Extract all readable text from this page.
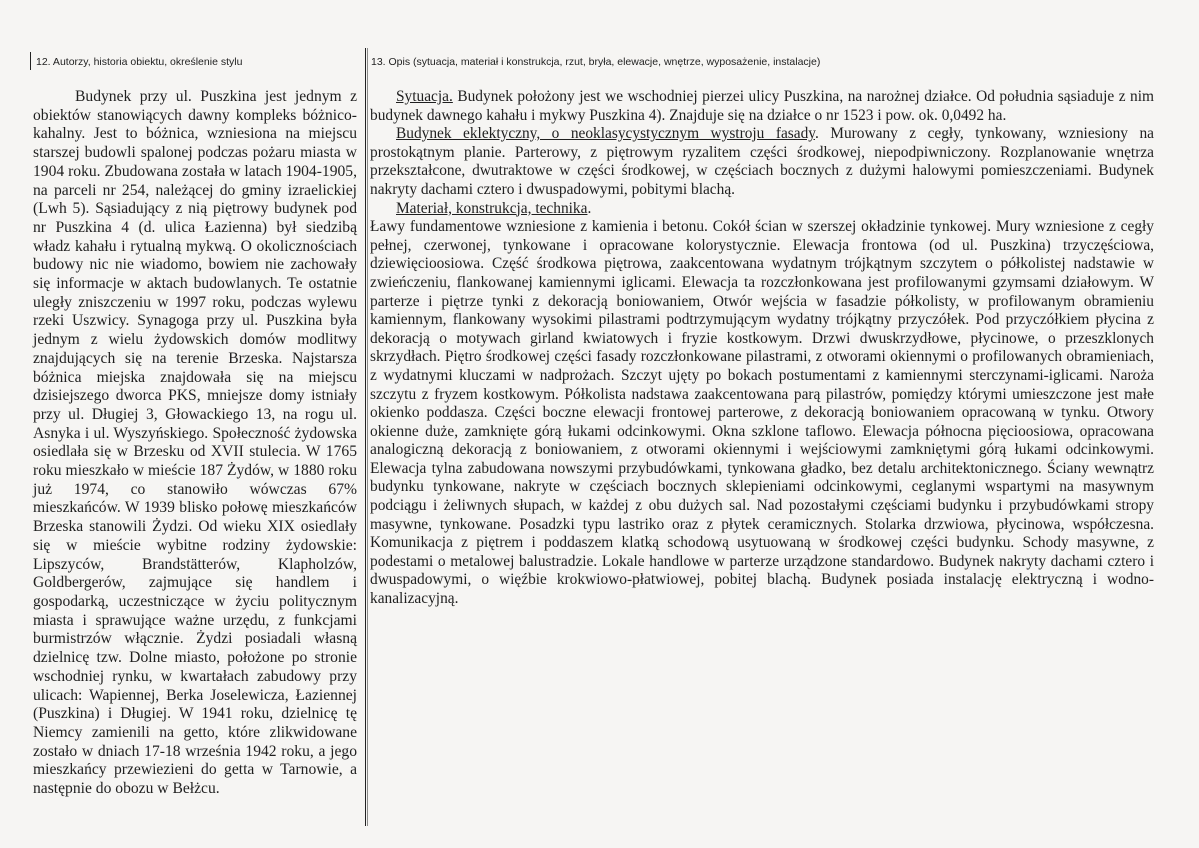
12. Autorzy, historia obiektu, określenie stylu	13. Opis (sytuacja, materiał i konstrukcja, rzut, bryła, elewacje, wnętrze, wyposażenie, instalacje)

Budynek przy ul. Puszkina jest jednym z obiektów stanowiących dawny kompleks bóżnico-kahalny. Jest to bóżnica, wzniesiona na miejscu starszej budowli spalonej podczas pożaru miasta w 1904 roku. Zbudowana została w latach 1904-1905, na parceli nr 254, należącej do gminy izraelickiej (Lwh 5). Sąsiadujący z nią piętrowy budynek pod nr Puszkina 4 (d. ulica Łazienna) był siedzibą władz kahału i rytualną mykwą. O okolicznościach budowy nic nie wiadomo, bowiem nie zachowały się informacje w aktach budowlanych. Te ostatnie uległy zniszczeniu w 1997 roku, podczas wylewu rzeki Uszwicy. Synagoga przy ul. Puszkina była jednym z wielu żydowskich domów modlitwy znajdujących się na terenie Brzeska. Najstarsza bóżnica miejska znajdowała się na miejscu dzisiejszego dworca PKS, mniejsze domy istniały przy ul. Długiej 3, Głowackiego 13, na rogu ul. Asnyka i ul. Wyszyńskiego. Społeczność żydowska osiedlała się w Brzesku od XVII stulecia. W 1765 roku mieszkało w mieście 187 Żydów, w 1880 roku już 1974, co stanowiło wówczas 67% mieszkańców. W 1939 blisko połowę mieszkańców Brzeska stanowili Żydzi. Od wieku XIX osiedlały się w mieście wybitne rodziny żydowskie: Lipszyców, Brandstätterów, Klapholzów, Goldbergerów, zajmujące się handlem i gospodarką, uczestniczące w życiu politycznym miasta i sprawujące ważne urzędu, z funkcjami burmistrzów włącznie. Żydzi posiadali własną dzielnicę tzw. Dolne miasto, położone po stronie wschodniej rynku, w kwartałach zabudowy przy ulicach: Wapiennej, Berka Joselewicza, Łaziennej (Puszkina) i Długiej. W 1941 roku, dzielnicę tę Niemcy zamienili na getto, które zlikwidowane zostało w dniach 17-18 września 1942 roku, a jego mieszkańcy przewiezieni do getta w Tarnowie, a następnie do obozu w Bełżcu.

Sytuacja. Budynek położony jest we wschodniej pierzei ulicy Puszkina, na narożnej działce. Od południa sąsiaduje z nim budynek dawnego kahału i mykwy Puszkina 4). Znajduje się na działce o nr 1523 i pow. ok. 0,0492 ha.

Budynek eklektyczny, o neoklasycystycznym wystroju fasady. Murowany z cegły, tynkowany, wzniesiony na prostokątnym planie. Parterowy, z piętrowym ryzalitem części środkowej, niepodpiwniczony. Rozplanowanie wnętrza przekształcone, dwutraktowe w części środkowej, w częściach bocznych z dużymi halowymi pomieszczeniami. Budynek nakryty dachami cztero i dwuspadowymi, pobitymi blachą.

Materiał, konstrukcja, technika.

Ławy fundamentowe wzniesione z kamienia i betonu. Cokół ścian w szerszej okładzinie tynkowej. Mury wzniesione z cegły pełnej, czerwonej, tynkowane i opracowane kolorystycznie. Elewacja frontowa (od ul. Puszkina) trzyczęściowa, dziewięcioosiowa. Część środkowa piętrowa, zaakcentowana wydatnym trójkątnym szczytem o półkolistej nadstawie w zwieńczeniu, flankowanej kamiennymi iglicami. Elewacja ta rozczłonkowana jest profilowanymi gzymsami działowym. W parterze i piętrze tynki z dekoracją boniowaniem, Otwór wejścia w fasadzie półkolisty, w profilowanym obramieniu kamiennym, flankowany wysokimi pilastrami podtrzymującym wydatny trójkątny przyczółek. Pod przyczółkiem płycina z dekoracją o motywach girland kwiatowych i fryzie kostkowym. Drzwi dwuskrzydłowe, płycinowe, o przeszklonych skrzydłach. Piętro środkowej części fasady rozczłonkowane pilastrami, z otworami okiennymi o profilowanych obramieniach, z wydatnymi kluczami w nadprożach. Szczyt ujęty po bokach postumentami z kamiennymi sterczynami-iglicami. Naroża szczytu z fryzem kostkowym. Półkolista nadstawa zaakcentowana parą pilastrów, pomiędzy którymi umieszczone jest małe okienko poddasza. Części boczne elewacji frontowej parterowe, z dekoracją boniowaniem opracowaną w tynku. Otwory okienne duże, zamknięte górą łukami odcinkowymi. Okna szklone taflowo. Elewacja północna pięcioosiowa, opracowana analogiczną dekoracją z boniowaniem, z otworami okiennymi i wejściowymi zamkniętymi górą łukami odcinkowymi. Elewacja tylna zabudowana nowszymi przybudówkami, tynkowana gładko, bez detalu architektonicznego. Ściany wewnątrz budynku tynkowane, nakryte w częściach bocznych sklepieniami odcinkowymi, ceglanymi wspartymi na masywnym podciągu i żeliwnych słupach, w każdej z obu dużych sal. Nad pozostałymi częściami budynku i przybudówkami stropy masywne, tynkowane. Posadzki typu lastriko oraz z płytek ceramicznych. Stolarka drzwiowa, płycinowa, współczesna. Komunikacja z piętrem i poddaszem klatką schodową usytuowaną w środkowej części budynku. Schody masywne, z podestami o metalowej balustradzie. Lokale handlowe w parterze urządzone standardowo. Budynek nakryty dachami cztero i dwuspadowymi, o więźbie krokwiowo-płatwiowej, pobitej blachą. Budynek posiada instalację elektryczną i wodno-kanalizacyjną.
